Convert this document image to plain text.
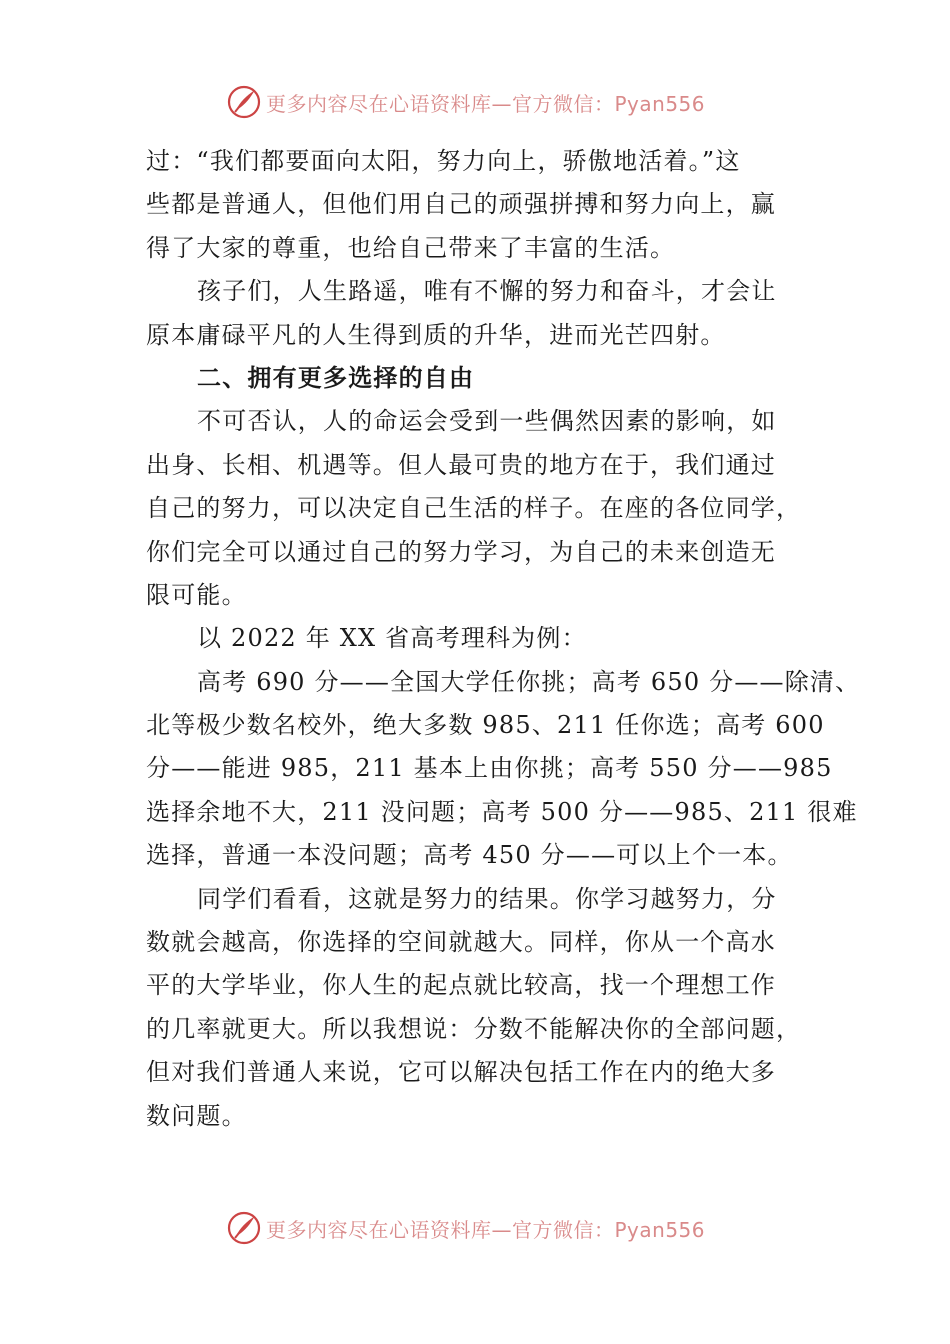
更多内容尽在心语资料库—官方微信：Pyan556
过：“我们都要面向太阳，努力向上，骄傲地活着。”这
些都是普通人，但他们用自己的顽强拼搏和努力向上，赢
得了大家的尊重，也给自己带来了丰富的生活。
孩子们，人生路遥，唯有不懈的努力和奋斗，才会让
原本庸碌平凡的人生得到质的升华，进而光芒四射。
二、拥有更多选择的自由
不可否认，人的命运会受到一些偶然因素的影响，如
出身、长相、机遇等。但人最可贵的地方在于，我们通过
自己的努力，可以决定自己生活的样子。在座的各位同学，
你们完全可以通过自己的努力学习，为自己的未来创造无
限可能。
以 2022 年 XX 省高考理科为例：
高考 690 分——全国大学任你挑；高考 650 分——除清、
北等极少数名校外，绝大多数 985、211 任你选；高考 600
分——能进 985，211 基本上由你挑；高考 550 分——985
选择余地不大，211 没问题；高考 500 分——985、211 很难
选择，普通一本没问题；高考 450 分——可以上个一本。
同学们看看，这就是努力的结果。你学习越努力，分
数就会越高，你选择的空间就越大。同样，你从一个高水
平的大学毕业，你人生的起点就比较高，找一个理想工作
的几率就更大。所以我想说：分数不能解决你的全部问题，
但对我们普通人来说，它可以解决包括工作在内的绝大多
数问题。
更多内容尽在心语资料库—官方微信：Pyan556
